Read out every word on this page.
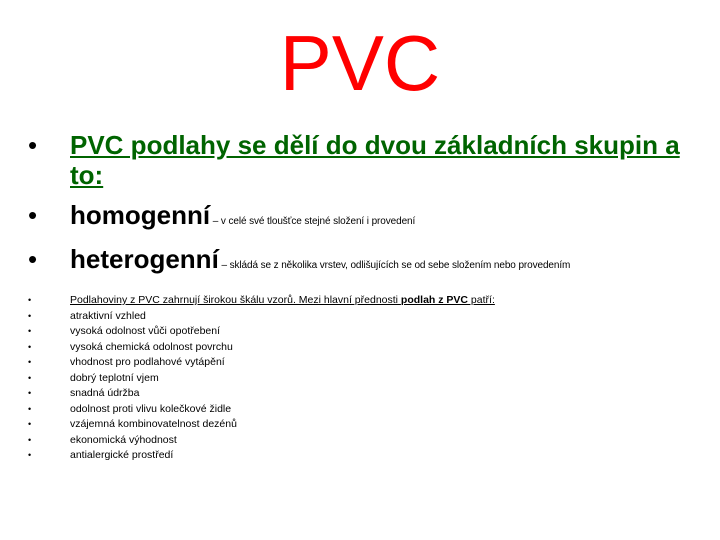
PVC
• PVC podlahy se dělí do dvou základních skupin a to:
• homogenní – v celé své tloušťce stejné složení i provedení
• heterogenní – skládá se z několika vrstev, odlišujících se od sebe složením nebo provedením
•	Podlahoviny z PVC zahrnují širokou škálu vzorů. Mezi hlavní přednosti podlah z PVC patří:
•	atraktivní vzhled
•	vysoká odolnost vůči opotřebení
•	vysoká chemická odolnost povrchu
•	vhodnost pro podlahové vytápění
•	dobrý teplotní vjem
•	snadná údržba
•	odolnost proti vlivu kolečkové židle
•	vzájemná kombinovatelnost dezénů
•	ekonomická výhodnost
•	antialergické prostředí
